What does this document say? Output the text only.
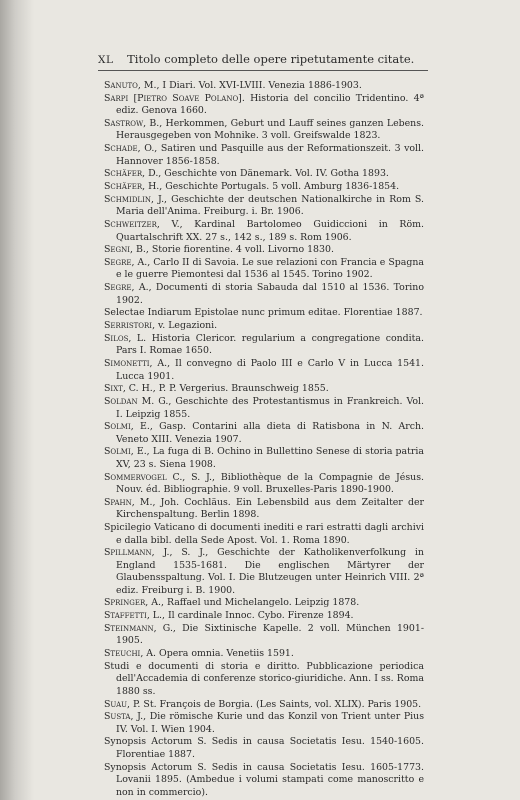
XL	Titolo completo delle opere ripetutamente citate.

Sanuto, M., I Diari. Vol. XVI-LVIII. Venezia 1886-1903.

Sarpi [Pietro Soave Polano]. Historia del concilio Tridentino. 4ª ediz. Genova 1660.

Sastrow, B., Herkommen, Geburt und Lauff seines ganzen Lebens. Herausgegeben von Mohnike. 3 voll. Greifswalde 1823.

Schade, O., Satiren und Pasquille aus der Reformationszeit. 3 voll. Hannover 1856-1858.

Schäfer, D., Geschichte von Dänemark. Vol. IV. Gotha 1893.

Schäfer, H., Geschichte Portugals. 5 voll. Amburg 1836-1854.

Schmidlin, J., Geschichte der deutschen Nationalkirche in Rom S. Maria dell'Anima. Freiburg. i. Br. 1906.

Schweitzer, V., Kardinal Bartolomeo Guidiccioni in Röm. Quartalschrift XX. 27 s., 142 s., 189 s. Rom 1906.

Segni, B., Storie fiorentine. 4 voll. Livorno 1830.

Segre, A., Carlo II di Savoia. Le sue relazioni con Francia e Spagna e le guerre Piemontesi dal 1536 al 1545. Torino 1902.

Segre, A., Documenti di storia Sabauda dal 1510 al 1536. Torino 1902.

Selectae Indiarum Epistolae nunc primum editae. Florentiae 1887.

Serristori, v. Legazioni.

Silos, L. Historia Clericor. regularium a congregatione condita. Pars I. Romae 1650.

Simonetti, A., Il convegno di Paolo III e Carlo V in Lucca 1541. Lucca 1901.

Sixt, C. H., P. P. Vergerius. Braunschweig 1855.

Soldan M. G., Geschichte des Protestantismus in Frankreich. Vol. I. Leipzig 1855.

Solmi, E., Gasp. Contarini alla dieta di Ratisbona in N. Arch. Veneto XIII. Venezia 1907.

Solmi, E., La fuga di B. Ochino in Bullettino Senese di storia patria XV, 23 s. Siena 1908.

Sommervogel C., S. J., Bibliothèque de la Compagnie de Jésus. Nouv. éd. Bibliographie. 9 voll. Bruxelles-Paris 1890-1900.

Spahn, M., Joh. Cochläus. Ein Lebensbild aus dem Zeitalter der Kirchenspaltung. Berlin 1898.

Spicilegio Vaticano di documenti inediti e rari estratti dagli archivi e dalla bibl. della Sede Apost. Vol. 1. Roma 1890.

Spillmann, J., S. J., Geschichte der Katholikenverfolkung in England 1535-1681. Die englischen Märtyrer der Glaubensspaltung. Vol. I. Die Blutzeugen unter Heinrich VIII. 2ª ediz. Freiburg i. B. 1900.

Springer, A., Raffael und Michelangelo. Leipzig 1878.

Staffetti, L., Il cardinale Innoc. Cybo. Firenze 1894.

Steinmann, G., Die Sixtinische Kapelle. 2 voll. München 1901-1905.

Steuchi, A. Opera omnia. Venetiis 1591.

Studi e documenti di storia e diritto. Pubblicazione periodica dell'Accademia di conferenze storico-giuridiche. Ann. I ss. Roma 1880 ss.

Suau, P. St. François de Borgia. (Les Saints, vol. XLIX). Paris 1905.

Susta, J., Die römische Kurie und das Konzil von Trient unter Pius IV. Vol. I. Wien 1904.

Synopsis Actorum S. Sedis in causa Societatis Iesu. 1540-1605. Florentiae 1887.

Synopsis Actorum S. Sedis in causa Societatis Iesu. 1605-1773. Lovanii 1895. (Ambedue i volumi stampati come manoscritto e non in commercio).
